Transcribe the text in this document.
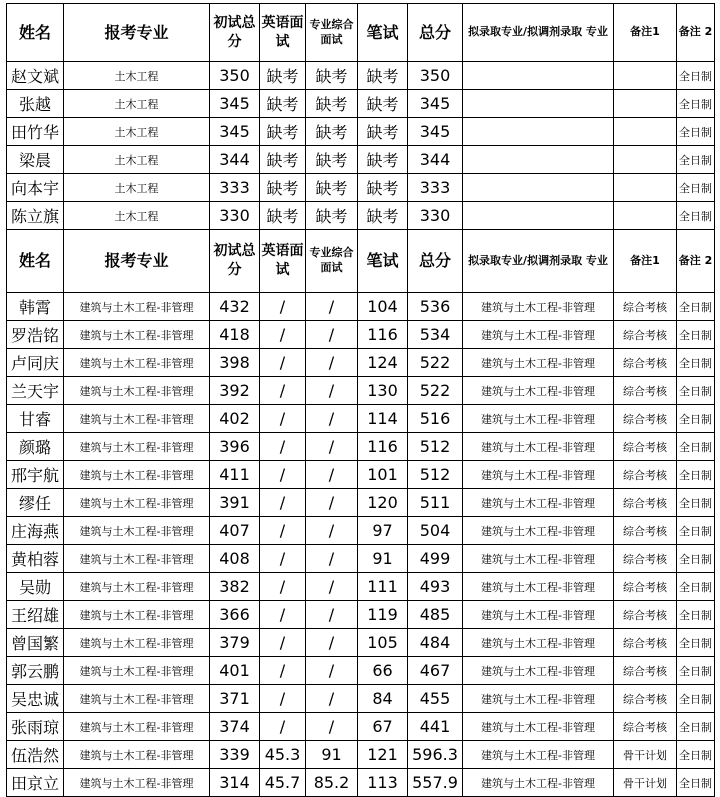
姓名	报考专业	初试总分	英语面试	专业综合面试	笔试	总分	拟录取专业/拟调剂录取 专业	备注1	备注 2
赵文斌	土木工程	350	缺考	缺考	缺考	350			全日制
张越	土木工程	345	缺考	缺考	缺考	345			全日制
田竹华	土木工程	345	缺考	缺考	缺考	345			全日制
梁晨	土木工程	344	缺考	缺考	缺考	344			全日制
向本宇	土木工程	333	缺考	缺考	缺考	333			全日制
陈立旗	土木工程	330	缺考	缺考	缺考	330			全日制
姓名	报考专业	初试总分	英语面试	专业综合面试	笔试	总分	拟录取专业/拟调剂录取 专业	备注1	备注 2
韩霄	建筑与土木工程-非管理	432	/	/	104	536	建筑与土木工程-非管理	综合考核	全日制
罗浩铭	建筑与土木工程-非管理	418	/	/	116	534	建筑与土木工程-非管理	综合考核	全日制
卢同庆	建筑与土木工程-非管理	398	/	/	124	522	建筑与土木工程-非管理	综合考核	全日制
兰天宇	建筑与土木工程-非管理	392	/	/	130	522	建筑与土木工程-非管理	综合考核	全日制
甘睿	建筑与土木工程-非管理	402	/	/	114	516	建筑与土木工程-非管理	综合考核	全日制
颜璐	建筑与土木工程-非管理	396	/	/	116	512	建筑与土木工程-非管理	综合考核	全日制
邢宇航	建筑与土木工程-非管理	411	/	/	101	512	建筑与土木工程-非管理	综合考核	全日制
缪任	建筑与土木工程-非管理	391	/	/	120	511	建筑与土木工程-非管理	综合考核	全日制
庄海燕	建筑与土木工程-非管理	407	/	/	97	504	建筑与土木工程-非管理	综合考核	全日制
黄柏蓉	建筑与土木工程-非管理	408	/	/	91	499	建筑与土木工程-非管理	综合考核	全日制
吴勋	建筑与土木工程-非管理	382	/	/	111	493	建筑与土木工程-非管理	综合考核	全日制
王绍雄	建筑与土木工程-非管理	366	/	/	119	485	建筑与土木工程-非管理	综合考核	全日制
曾国繁	建筑与土木工程-非管理	379	/	/	105	484	建筑与土木工程-非管理	综合考核	全日制
郭云鹏	建筑与土木工程-非管理	401	/	/	66	467	建筑与土木工程-非管理	综合考核	全日制
吴忠诚	建筑与土木工程-非管理	371	/	/	84	455	建筑与土木工程-非管理	综合考核	全日制
张雨琼	建筑与土木工程-非管理	374	/	/	67	441	建筑与土木工程-非管理	综合考核	全日制
伍浩然	建筑与土木工程-非管理	339	45.3	91	121	596.3	建筑与土木工程-非管理	骨干计划	全日制
田京立	建筑与土木工程-非管理	314	45.7	85.2	113	557.9	建筑与土木工程-非管理	骨干计划	全日制
